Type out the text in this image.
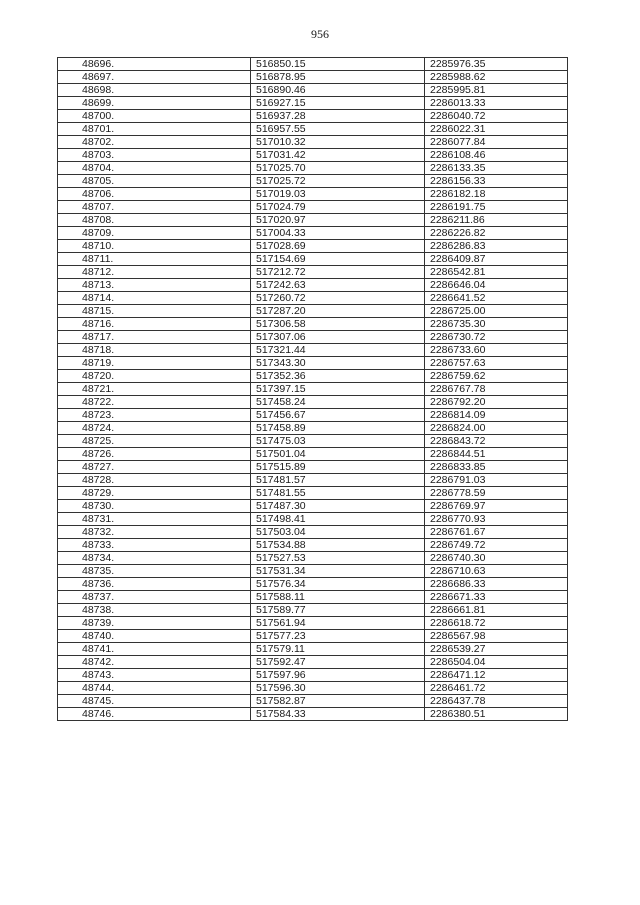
956
48696.	516850.15	2285976.35
48697.	516878.95	2285988.62
48698.	516890.46	2285995.81
48699.	516927.15	2286013.33
48700.	516937.28	2286040.72
48701.	516957.55	2286022.31
48702.	517010.32	2286077.84
48703.	517031.42	2286108.46
48704.	517025.70	2286133.35
48705.	517025.72	2286156.33
48706.	517019.03	2286182.18
48707.	517024.79	2286191.75
48708.	517020.97	2286211.86
48709.	517004.33	2286226.82
48710.	517028.69	2286286.83
48711.	517154.69	2286409.87
48712.	517212.72	2286542.81
48713.	517242.63	2286646.04
48714.	517260.72	2286641.52
48715.	517287.20	2286725.00
48716.	517306.58	2286735.30
48717.	517307.06	2286730.72
48718.	517321.44	2286733.60
48719.	517343.30	2286757.63
48720.	517352.36	2286759.62
48721.	517397.15	2286767.78
48722.	517458.24	2286792.20
48723.	517456.67	2286814.09
48724.	517458.89	2286824.00
48725.	517475.03	2286843.72
48726.	517501.04	2286844.51
48727.	517515.89	2286833.85
48728.	517481.57	2286791.03
48729.	517481.55	2286778.59
48730.	517487.30	2286769.97
48731.	517498.41	2286770.93
48732.	517503.04	2286761.67
48733.	517534.88	2286749.72
48734.	517527.53	2286740.30
48735.	517531.34	2286710.63
48736.	517576.34	2286686.33
48737.	517588.11	2286671.33
48738.	517589.77	2286661.81
48739.	517561.94	2286618.72
48740.	517577.23	2286567.98
48741.	517579.11	2286539.27
48742.	517592.47	2286504.04
48743.	517597.96	2286471.12
48744.	517596.30	2286461.72
48745.	517582.87	2286437.78
48746.	517584.33	2286380.51
